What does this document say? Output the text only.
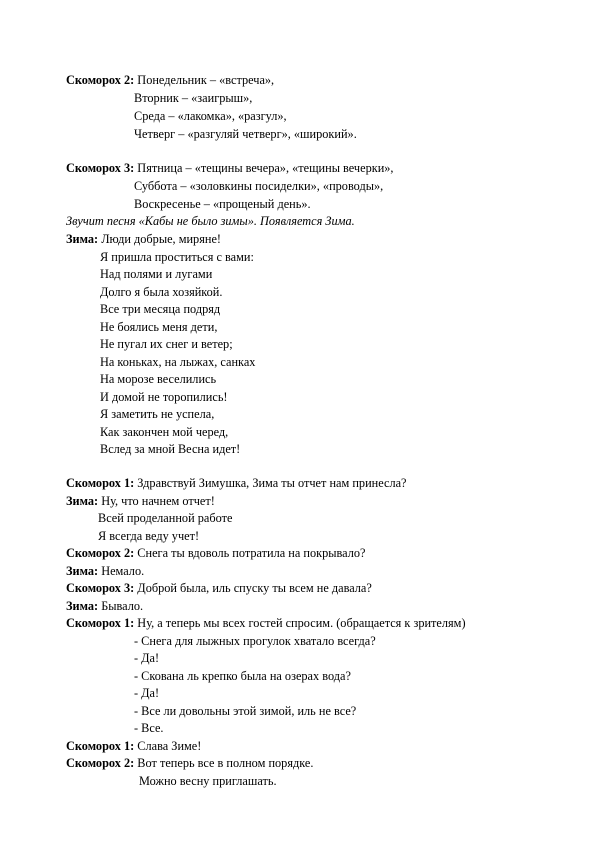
Скоморох 2: Понедельник – «встреча»,
Вторник – «заигрыш»,
Среда – «лакомка», «разгул»,
Четверг – «разгуляй четверг», «широкий».
Скоморох 3: Пятница – «тещины вечера», «тещины вечерки»,
Суббота – «золовкины посиделки», «проводы»,
Воскресенье – «прощеный день».
Звучит песня «Кабы не было зимы». Появляется Зима.
Зима: Люди добрые, миряне!
Я пришла проститься с вами:
Над полями и лугами
Долго я была хозяйкой.
Все три месяца подряд
Не боялись меня дети,
Не пугал их снег и ветер;
На коньках, на лыжах, санках
На морозе веселились
И домой не торопились!
Я заметить не успела,
Как закончен мой черед,
Вслед за мной Весна идет!
Скоморох 1: Здравствуй Зимушка, Зима ты отчет нам принесла?
Зима: Ну, что начнем отчет!
Всей проделанной работе
Я всегда веду учет!
Скоморох 2: Снега ты вдоволь потратила на покрывало?
Зима: Немало.
Скоморох 3: Доброй была, иль спуску ты всем не давала?
Зима: Бывало.
Скоморох 1: Ну, а теперь мы всех гостей спросим. (обращается к зрителям)
- Снега для лыжных прогулок хватало всегда?
- Да!
- Скована ль крепко была на озерах вода?
- Да!
- Все ли довольны этой зимой, иль не все?
- Все.
Скоморох 1: Слава Зиме!
Скоморох 2: Вот теперь все в полном порядке.
Можно весну приглашать.
